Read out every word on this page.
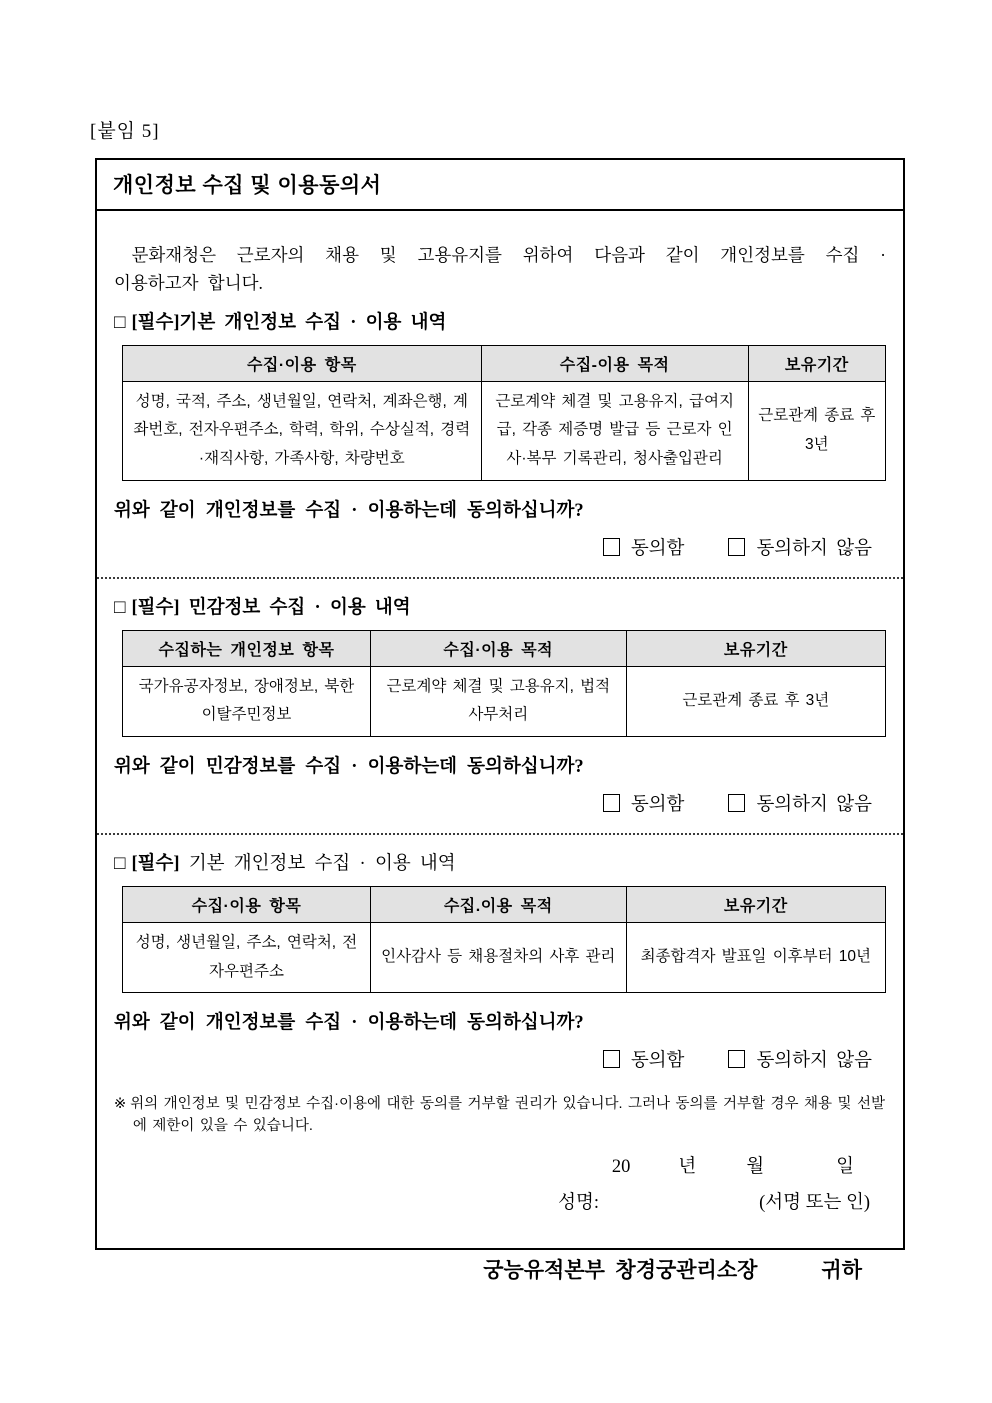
[붙임 5]
개인정보 수집 및 이용동의서

문화재청은 근로자의 채용 및 고용유지를 위하여 다음과 같이 개인정보를 수집 ·
이용하고자 합니다.

□ [필수]기본 개인정보 수집 · 이용 내역
수집·이용 항목	수집-이용 목적	보유기간
성명, 국적, 주소, 생년월일, 연락처, 계좌은행, 계좌번호, 전자우편주소, 학력, 학위, 수상실적, 경력·재직사항, 가족사항, 차량번호	근로계약 체결 및 고용유지, 급여지급, 각종 제증명 발급 등 근로자 인사·복무 기록관리, 청사출입관리	근로관계 종료 후 3년
위와 같이 개인정보를 수집 · 이용하는데 동의하십니까?
동의함	동의하지 않음
□ [필수] 민감정보 수집 · 이용 내역
수집하는 개인정보 항목	수집·이용 목적	보유기간
국가유공자정보, 장애정보, 북한이탈주민정보	근로계약 체결 및 고용유지, 법적사무처리	근로관계 종료 후 3년
위와 같이 민감정보를 수집 · 이용하는데 동의하십니까?
동의함	동의하지 않음
□ [필수] 기본 개인정보 수집 · 이용 내역
수집·이용 항목	수집.이용 목적	보유기간
성명, 생년월일, 주소, 연락처, 전자우편주소	인사감사 등 채용절차의 사후 관리	최종합격자 발표일 이후부터 10년
위와 같이 개인정보를 수집 · 이용하는데 동의하십니까?
동의함	동의하지 않음

※ 위의 개인정보 및 민감정보 수집·이용에 대한 동의를 거부할 권리가 있습니다. 그러나 동의를 거부할 경우 채용 및 선발에 제한이 있을 수 있습니다.

20	년	월	일
성명:	(서명 또는 인)
궁능유적본부 창경궁관리소장	귀하
